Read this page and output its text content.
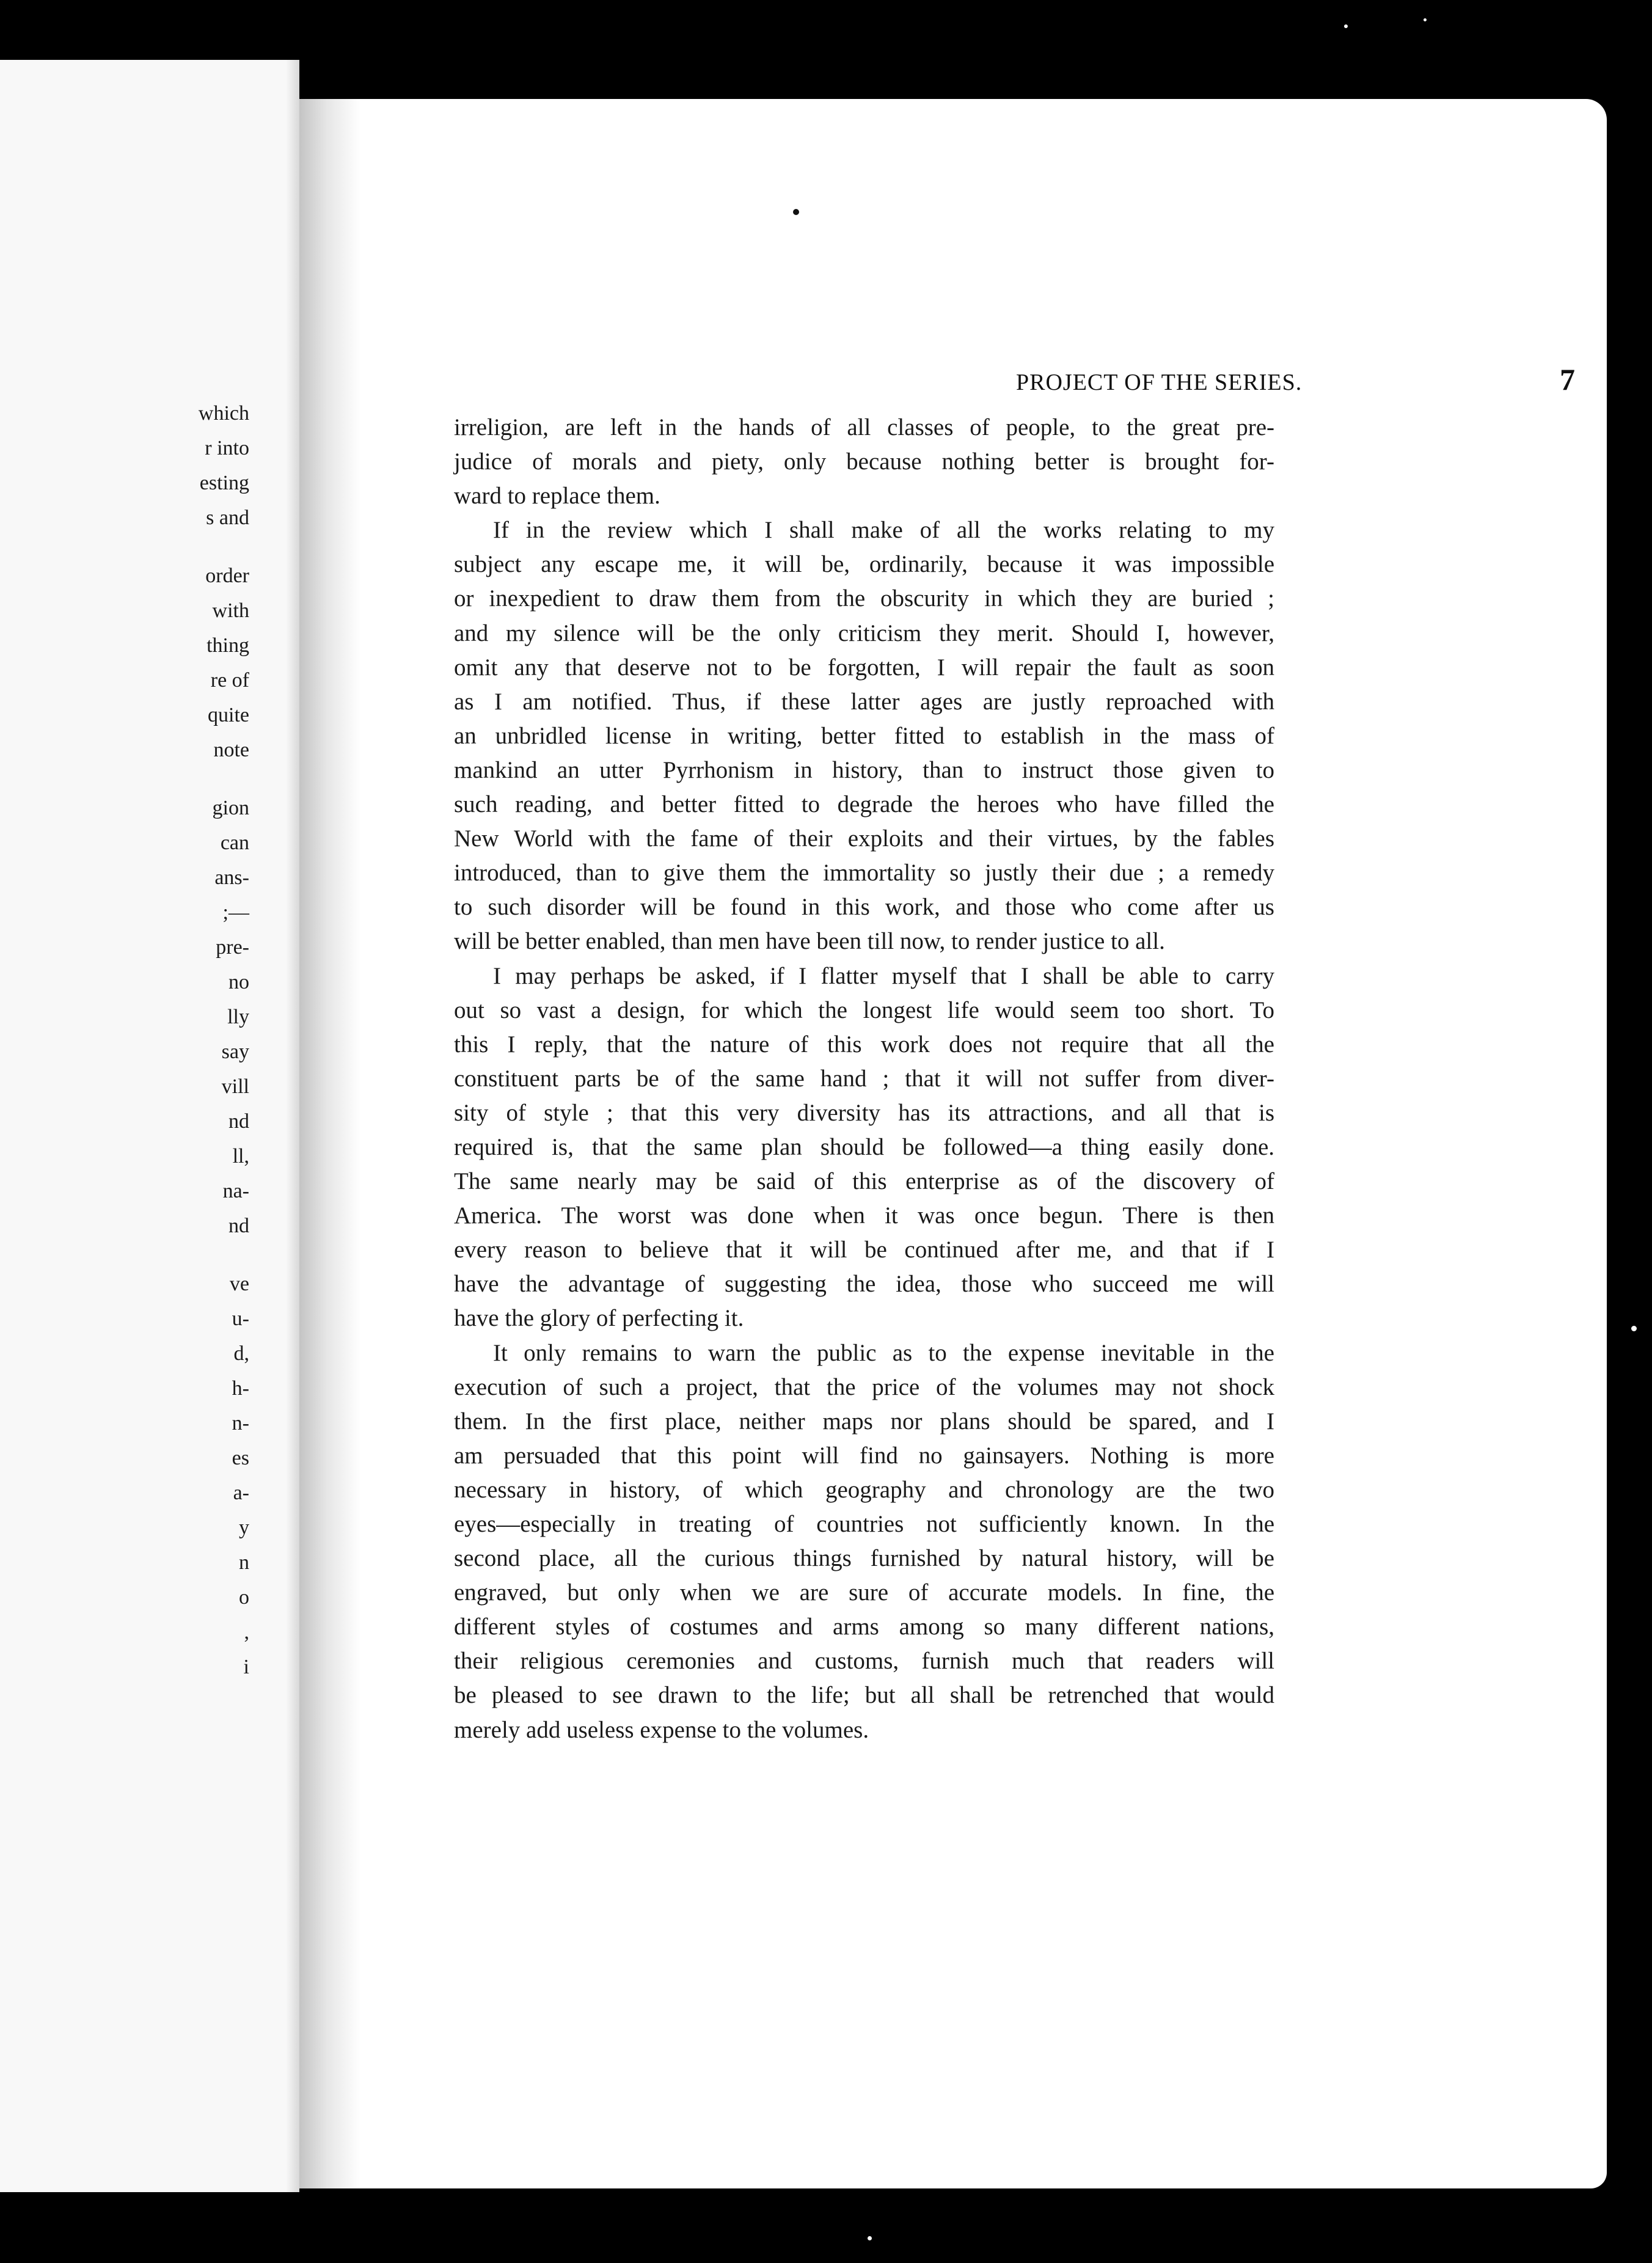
which
r into
esting
s and
order
with
thing
re of
quite
note
gion
can
ans-
;—
pre-
no
lly
say
vill
nd
ll,
na-
nd
ve
u-
d,
h-
n-
es
a-
y
n
o
,
i
PROJECT OF THE SERIES.	7
irreligion, are left in the hands of all classes of people, to the great pre-
judice of morals and piety, only because nothing better is brought for-
ward to replace them.
If in the review which I shall make of all the works relating to my
subject any escape me, it will be, ordinarily, because it was impossible
or inexpedient to draw them from the obscurity in which they are buried ;
and my silence will be the only criticism they merit. Should I, however,
omit any that deserve not to be forgotten, I will repair the fault as soon
as I am notified. Thus, if these latter ages are justly reproached with
an unbridled license in writing, better fitted to establish in the mass of
mankind an utter Pyrrhonism in history, than to instruct those given to
such reading, and better fitted to degrade the heroes who have filled the
New World with the fame of their exploits and their virtues, by the fables
introduced, than to give them the immortality so justly their due ; a remedy
to such disorder will be found in this work, and those who come after us
will be better enabled, than men have been till now, to render justice to all.
I may perhaps be asked, if I flatter myself that I shall be able to carry
out so vast a design, for which the longest life would seem too short. To
this I reply, that the nature of this work does not require that all the
constituent parts be of the same hand ; that it will not suffer from diver-
sity of style ; that this very diversity has its attractions, and all that is
required is, that the same plan should be followed—a thing easily done.
The same nearly may be said of this enterprise as of the discovery of
America. The worst was done when it was once begun. There is then
every reason to believe that it will be continued after me, and that if I
have the advantage of suggesting the idea, those who succeed me will
have the glory of perfecting it.
It only remains to warn the public as to the expense inevitable in the
execution of such a project, that the price of the volumes may not shock
them. In the first place, neither maps nor plans should be spared, and I
am persuaded that this point will find no gainsayers. Nothing is more
necessary in history, of which geography and chronology are the two
eyes—especially in treating of countries not sufficiently known. In the
second place, all the curious things furnished by natural history, will be
engraved, but only when we are sure of accurate models. In fine, the
different styles of costumes and arms among so many different nations,
their religious ceremonies and customs, furnish much that readers will
be pleased to see drawn to the life; but all shall be retrenched that would
merely add useless expense to the volumes.
